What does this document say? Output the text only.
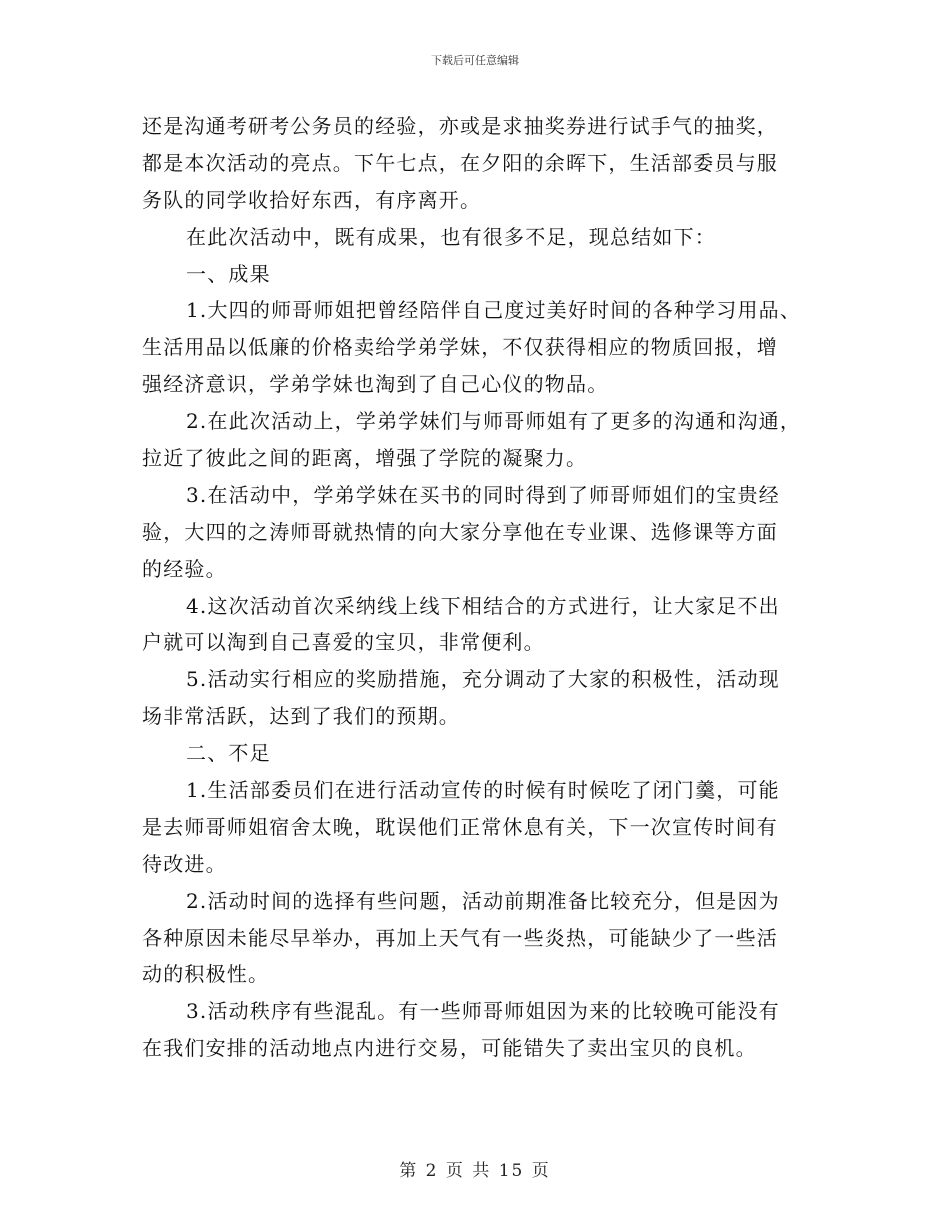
下载后可任意编辑
还是沟通考研考公务员的经验，亦或是求抽奖券进行试手气的抽奖，
都是本次活动的亮点。下午七点，在夕阳的余晖下，生活部委员与服
务队的同学收拾好东西，有序离开。
在此次活动中，既有成果，也有很多不足，现总结如下：
一、成果
1.大四的师哥师姐把曾经陪伴自己度过美好时间的各种学习用品、
生活用品以低廉的价格卖给学弟学妹，不仅获得相应的物质回报，增
强经济意识，学弟学妹也淘到了自己心仪的物品。
2.在此次活动上，学弟学妹们与师哥师姐有了更多的沟通和沟通，
拉近了彼此之间的距离，增强了学院的凝聚力。
3.在活动中，学弟学妹在买书的同时得到了师哥师姐们的宝贵经
验，大四的之涛师哥就热情的向大家分享他在专业课、选修课等方面
的经验。
4.这次活动首次采纳线上线下相结合的方式进行，让大家足不出
户就可以淘到自己喜爱的宝贝，非常便利。
5.活动实行相应的奖励措施，充分调动了大家的积极性，活动现
场非常活跃，达到了我们的预期。
二、不足
1.生活部委员们在进行活动宣传的时候有时候吃了闭门羹，可能
是去师哥师姐宿舍太晚，耽误他们正常休息有关，下一次宣传时间有
待改进。
2.活动时间的选择有些问题，活动前期准备比较充分，但是因为
各种原因未能尽早举办，再加上天气有一些炎热，可能缺少了一些活
动的积极性。
3.活动秩序有些混乱。有一些师哥师姐因为来的比较晚可能没有
在我们安排的活动地点内进行交易，可能错失了卖出宝贝的良机。
第 2 页 共 15 页
